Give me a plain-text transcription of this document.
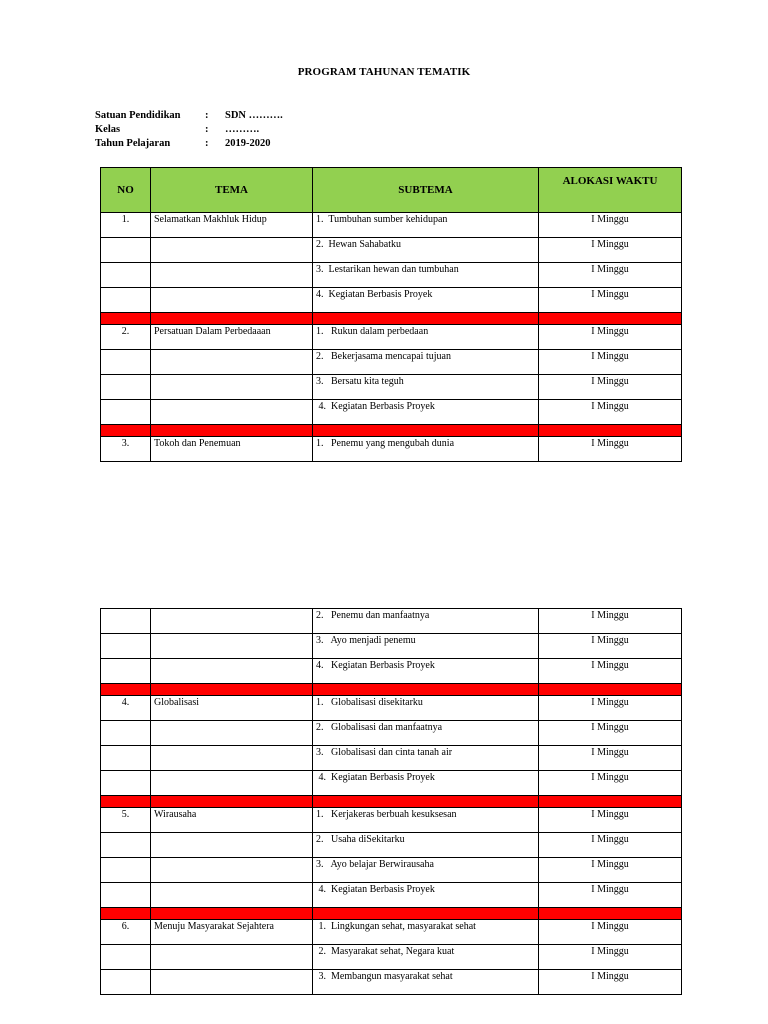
PROGRAM TAHUNAN TEMATIK
Satuan Pendidikan	:	SDN ……….
Kelas	:	……….
Tahun Pelajaran	:	2019-2020
NO	TEMA	SUBTEMA	ALOKASI WAKTU
1.	Selamatkan Makhluk Hidup	1.  Tumbuhan sumber kehidupan	I Minggu
		2.  Hewan Sahabatku	I Minggu
		3.  Lestarikan hewan dan tumbuhan	I Minggu
		4.  Kegiatan Berbasis Proyek	I Minggu

2.	Persatuan Dalam Perbedaaan	1.   Rukun dalam perbedaan	I Minggu
		2.   Bekerjasama mencapai tujuan	I Minggu
		3.   Bersatu kita teguh	I Minggu
		4.  Kegiatan Berbasis Proyek	I Minggu

3.	Tokoh dan Penemuan	1.   Penemu yang mengubah dunia	I Minggu
		2.   Penemu dan manfaatnya	I Minggu
		3.   Ayo menjadi penemu	I Minggu
		4.   Kegiatan Berbasis Proyek	I Minggu

4.	Globalisasi	1.   Globalisasi disekitarku	I Minggu
		2.   Globalisasi dan manfaatnya	I Minggu
		3.   Globalisasi dan cinta tanah air	I Minggu
		4.  Kegiatan Berbasis Proyek	I Minggu

5.	Wirausaha	1.   Kerjakeras berbuah kesuksesan	I Minggu
		2.   Usaha diSekitarku	I Minggu
		3.   Ayo belajar Berwirausaha	I Minggu
		4.  Kegiatan Berbasis Proyek	I Minggu

6.	Menuju Masyarakat Sejahtera	1.  Lingkungan sehat, masyarakat sehat	I Minggu
		2.  Masyarakat sehat, Negara kuat	I Minggu
		3.  Membangun masyarakat sehat	I Minggu
